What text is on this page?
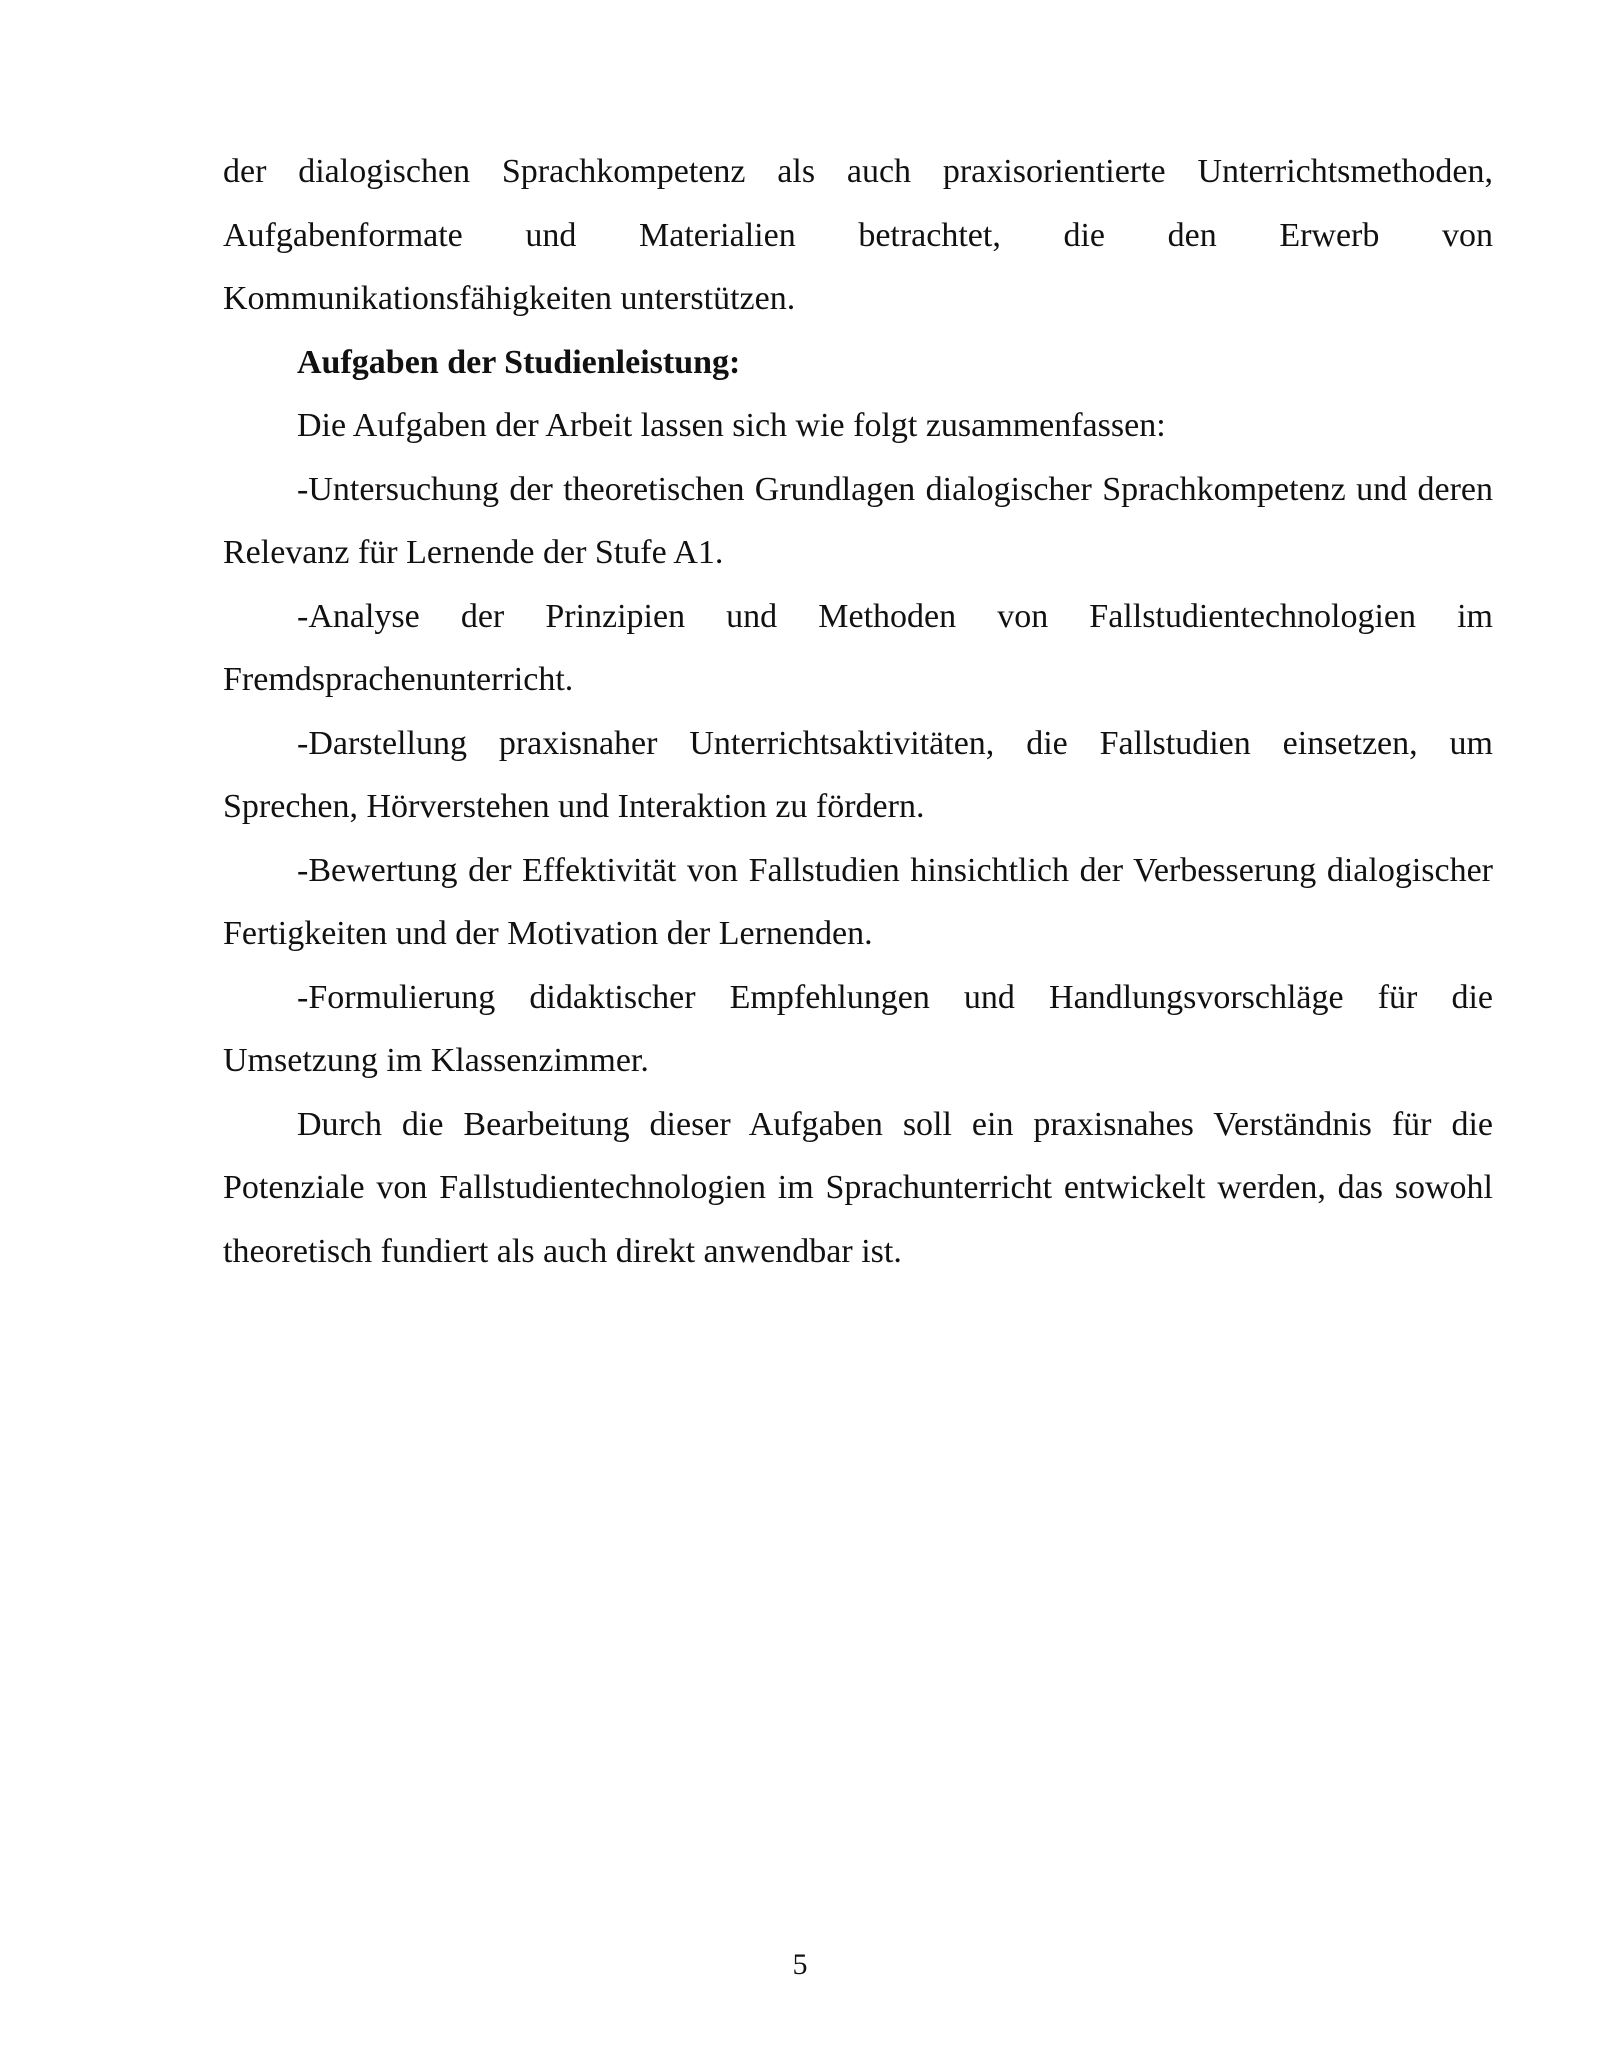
der dialogischen Sprachkompetenz als auch praxisorientierte Unterrichtsmethoden, Aufgabenformate und Materialien betrachtet, die den Erwerb von Kommunikationsfähigkeiten unterstützen.

Aufgaben der Studienleistung:

Die Aufgaben der Arbeit lassen sich wie folgt zusammenfassen:

-Untersuchung der theoretischen Grundlagen dialogischer Sprachkompetenz und deren Relevanz für Lernende der Stufe A1.

-Analyse der Prinzipien und Methoden von Fallstudientechnologien im Fremdsprachenunterricht.

-Darstellung praxisnaher Unterrichtsaktivitäten, die Fallstudien einsetzen, um Sprechen, Hörverstehen und Interaktion zu fördern.

-Bewertung der Effektivität von Fallstudien hinsichtlich der Verbesserung dialogischer Fertigkeiten und der Motivation der Lernenden.

-Formulierung didaktischer Empfehlungen und Handlungsvorschläge für die Umsetzung im Klassenzimmer.

Durch die Bearbeitung dieser Aufgaben soll ein praxisnahes Verständnis für die Potenziale von Fallstudientechnologien im Sprachunterricht entwickelt werden, das sowohl theoretisch fundiert als auch direkt anwendbar ist.

5
